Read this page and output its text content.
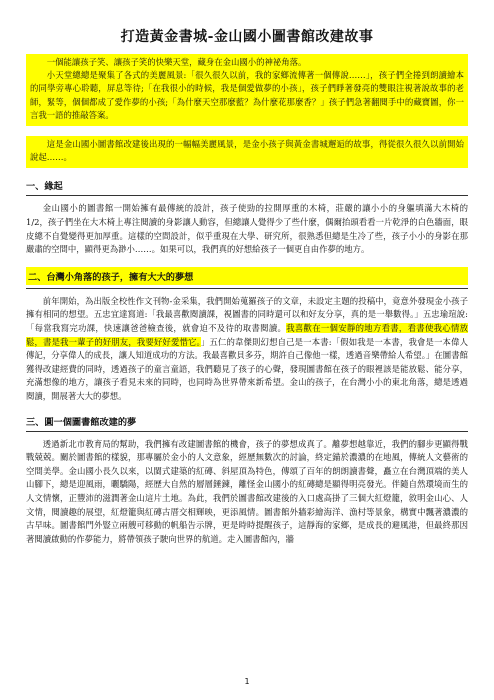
打造黃金書城-金山國小圖書館改建故事

一個能讓孩子笑、讓孩子笑的快樂天堂，藏身在金山國小的神祕角落。

小天堂總總是聚集了各式的美麗風景:「很久很久以前，我的家鄉流傳著一個傳說……」，孩子們全捲到朗讀繪本的同學旁專心聆聽，屏息等待;「在我很小的時候，我是個愛做夢的小孩」，孩子們睜著發亮的雙眼注視著說故事的老師，緊等，個個都成了愛作夢的小孩;「為什麼天空那麼藍？為什麼花那麼香？」孩子們急著翻閱手中的藏寶圖，你一言我一語的推敲答案。

這是金山國小圖書館改建後出現的一幅幅美麗風景，是金小孩子與黃金書城邂逅的故事，得從很久很久以前開始說起……。

一、緣起

金山國小的圖書館一開始擁有最傳統的設計，孩子使勁的拉開厚重的木椅，莊嚴的讓小小的身軀填滿大木椅的 1/2，孩子們坐在大木椅上專注閱讀的身影讓人動容，但總讓人覺得少了些什麼，偶爾抬頭看看一片乾淨的白色牆面，眼皮總不自覺變得更加厚重。這樣的空間設計，似乎重現在大學、研究所，很熟悉但總是生冷了些，孩子小小的身影在那嚴肅的空間中，顯得更為渺小……。如果可以，我們真的好想給孩子一個更自由作夢的地方。

二、台灣小角落的孩子，擁有大大的夢想

前年開始，為出版全校性作文刊物-金采集，我們開始蒐羅孩子的文章，未設定主題的投稿中，竟意外發現金小孩子擁有相同的想望。五忠宜達寫道:「我最喜歡閱讀課，視圖書的同時還可以和好友分享，真的是一舉數得。」五忠瑜瑄說:「每當我寫完功課，快速讓爸爸檢查後，就會迫不及待的取書閱讀。我喜歡在一個安靜的地方看書，看書使我心情放鬆，書是我一輩子的好朋友，我要好好愛惜它。」五仁的韋傑則幻想自己是一本書:「假如我是一本書，我會是一本偉人傳記，分享偉人的成長，讓人知道成功的方法。我最喜歡貝多芬，期許自己像他一樣，透過音樂帶給人希望。」在圖書館獲得改建經費的同時，透過孩子的童言童語，我們聽見了孩子的心聲，發現圖書館在孩子的眼裡該是能放鬆、能分享，充滿想像的地方，讓孩子看見未來的同時，也同時為世界帶來新希望。金山的孩子，在台灣小小的東北角落，總是透過閱讀，開展著大大的夢想。

三、圓一個圖書館改建的夢

透過新北市教育局的幫助，我們擁有改建圖書館的機會，孩子的夢想成真了。離夢想越靠近，我們的腳步更顯得戰戰兢兢。關於圖書館的樣貌，那專屬於金小的人文意象，經歷無數次的討論，終定錨於濃濃的在地風，傳統人文藝術的空間美學。金山國小長久以來，以閩式建築的紅磚、斜屋頂為特色，傳頌了百年的朗朗讀書聲，矗立在台灣頂端的美人山腳下，總是迎風雨，曬驕陽，經歷大自然的層層錘鍊，離怪金山國小的紅磚總是顯得明亮發光。伴隨自然環境而生的人文情懷，正豐沛的滋潤著金山這片土地。為此，我們於圖書館改建後的入口處高掛了三個大紅燈籠，敘明金山心、人文情，閱讀趣的展望，紅燈籠與紅磚古厝交相輝映，更添風情。圖書館外牆彩繪海洋、漁村等景象，構實中飄著濃濃的古早味。圖書館門外豎立兩艘可移動的帆船告示牌，更是時時提醒孩子，這靜海的家鄉，是成長的避風港，但最終那因著閱讀啟動的作夢能力，將帶領孩子駛向世界的航道。走入圖書館內，牆

1
